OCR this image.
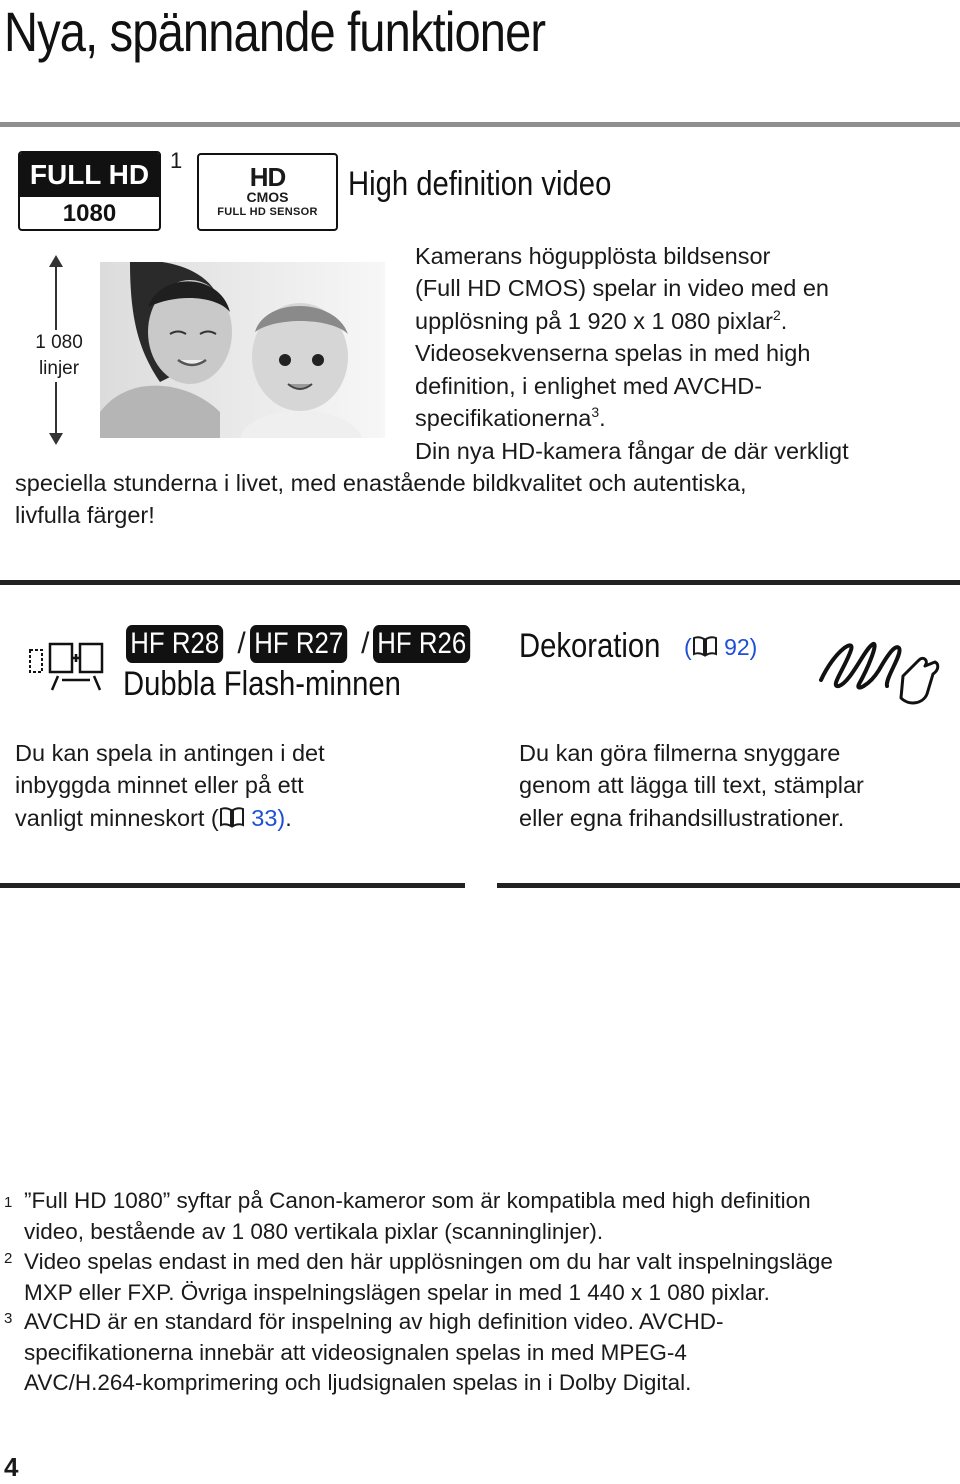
Nya, spännande funktioner
FULL HD
1080
1
HD
CMOS
FULL HD SENSOR
High definition video
1 080
linjer
Kamerans högupplösta bildsensor
(Full HD CMOS) spelar in video med en
upplösning på 1 920 x 1 080 pixlar$^2$.
Videosekvenserna spelas in med high
definition, i enlighet med AVCHD-
specifikationerna$^3$.
Din nya HD-kamera fångar de där verkligt
speciella stunderna i livet, med enastående bildkvalitet och autentiska,
livfulla färger!
HF R28 / HF R27 / HF R26
Dubbla Flash-minnen
Du kan spela in antingen i det
inbyggda minnet eller på ett
vanligt minneskort ( 33).
Dekoration ( 92)
Du kan göra filmerna snyggare
genom att lägga till text, stämplar
eller egna frihandsillustrationer.
1 ”Full HD 1080” syftar på Canon-kameror som är kompatibla med high definition
video, bestående av 1 080 vertikala pixlar (scanninglinjer).
2 Video spelas endast in med den här upplösningen om du har valt inspelningsläge
MXP eller FXP. Övriga inspelningslägen spelar in med 1 440 x 1 080 pixlar.
3 AVCHD är en standard för inspelning av high definition video. AVCHD-
specifikationerna innebär att videosignalen spelas in med MPEG-4
AVC/H.264-komprimering och ljudsignalen spelas in i Dolby Digital.
4
